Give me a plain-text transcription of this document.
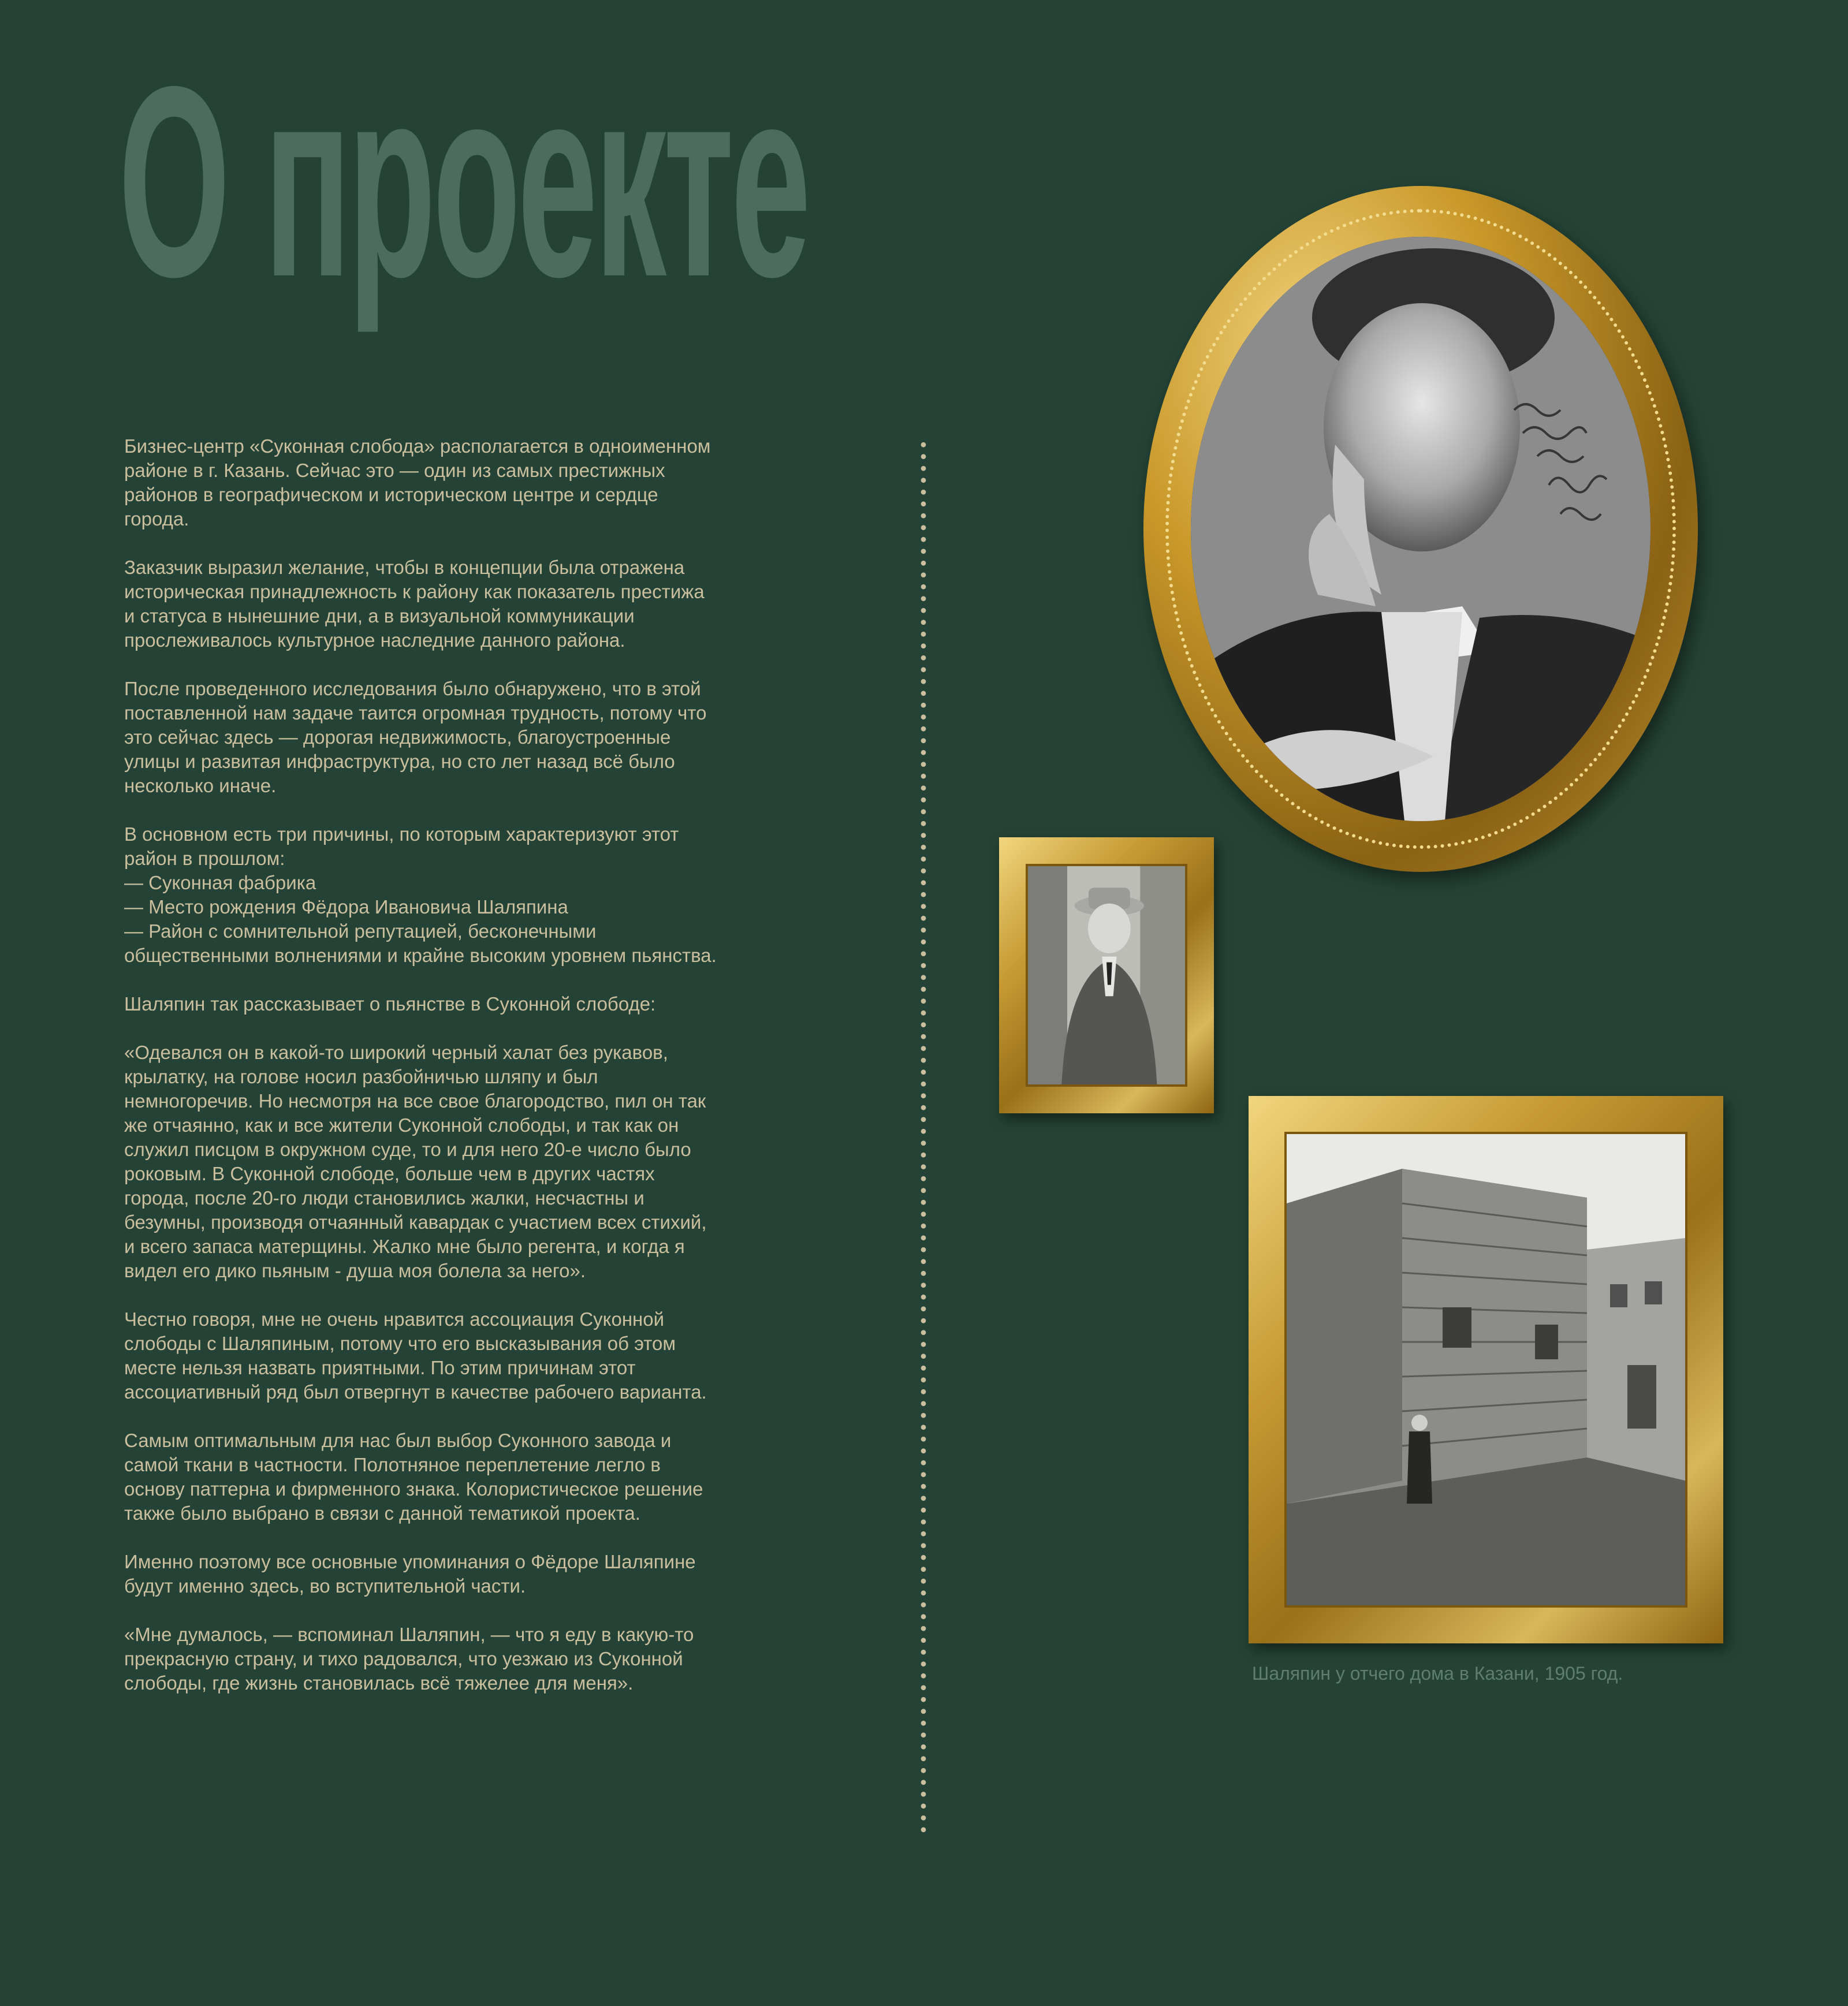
О проекте

Бизнес-центр «Суконная слобода» располагается в одноименном
районе в г. Казань. Сейчас это — один из самых престижных
районов в географическом и историческом центре и сердце
города.

Заказчик выразил желание, чтобы в концепции была отражена
историческая принадлежность к району как показатель престижа
и статуса в нынешние дни, а в визуальной коммуникации
прослеживалось культурное наследние данного района.

После проведенного исследования было обнаружено, что в этой
поставленной нам задаче таится огромная трудность, потому что
это сейчас здесь — дорогая недвижимость, благоустроенные
улицы и развитая инфраструктура, но сто лет назад всё было
несколько иначе.

В основном есть три причины, по которым характеризуют этот
район в прошлом:
— Суконная фабрика
— Место рождения Фёдора Ивановича Шаляпина
— Район с сомнительной репутацией, бесконечными
общественными волнениями и крайне высоким уровнем пьянства.

Шаляпин так рассказывает о пьянстве в Суконной слободе:

«Одевался он в какой-то широкий черный халат без рукавов,
крылатку, на голове носил разбойничью шляпу и был
немногоречив. Но несмотря на все свое благородство, пил он так
же отчаянно, как и все жители Суконной слободы, и так как он
служил писцом в окружном суде, то и для него 20-е число было
роковым. В Суконной слободе, больше чем в других частях
города, после 20-го люди становились жалки, несчастны и
безумны, производя отчаянный кавардак с участием всех стихий,
и всего запаса матерщины. Жалко мне было регента, и когда я
видел его дико пьяным - душа моя болела за него».

Честно говоря, мне не очень нравится ассоциация Суконной
слободы с Шаляпиным, потому что его высказывания об этом
месте нельзя назвать приятными. По этим причинам этот
ассоциативный ряд был отвергнут в качестве рабочего варианта.

Самым оптимальным для нас был выбор Суконного завода и
самой ткани в частности. Полотняное переплетение легло в
основу паттерна и фирменного знака. Колористическое решение
также было выбрано в связи с данной тематикой проекта.

Именно поэтому все основные упоминания о Фёдоре Шаляпине
будут именно здесь, во вступительной части.

«Мне думалось, — вспоминал Шаляпин, — что я еду в какую-то
прекрасную страну, и тихо радовался, что уезжаю из Суконной
слободы, где жизнь становилась всё тяжелее для меня».	Шаляпин у отчего дома в Казани, 1905 год.
